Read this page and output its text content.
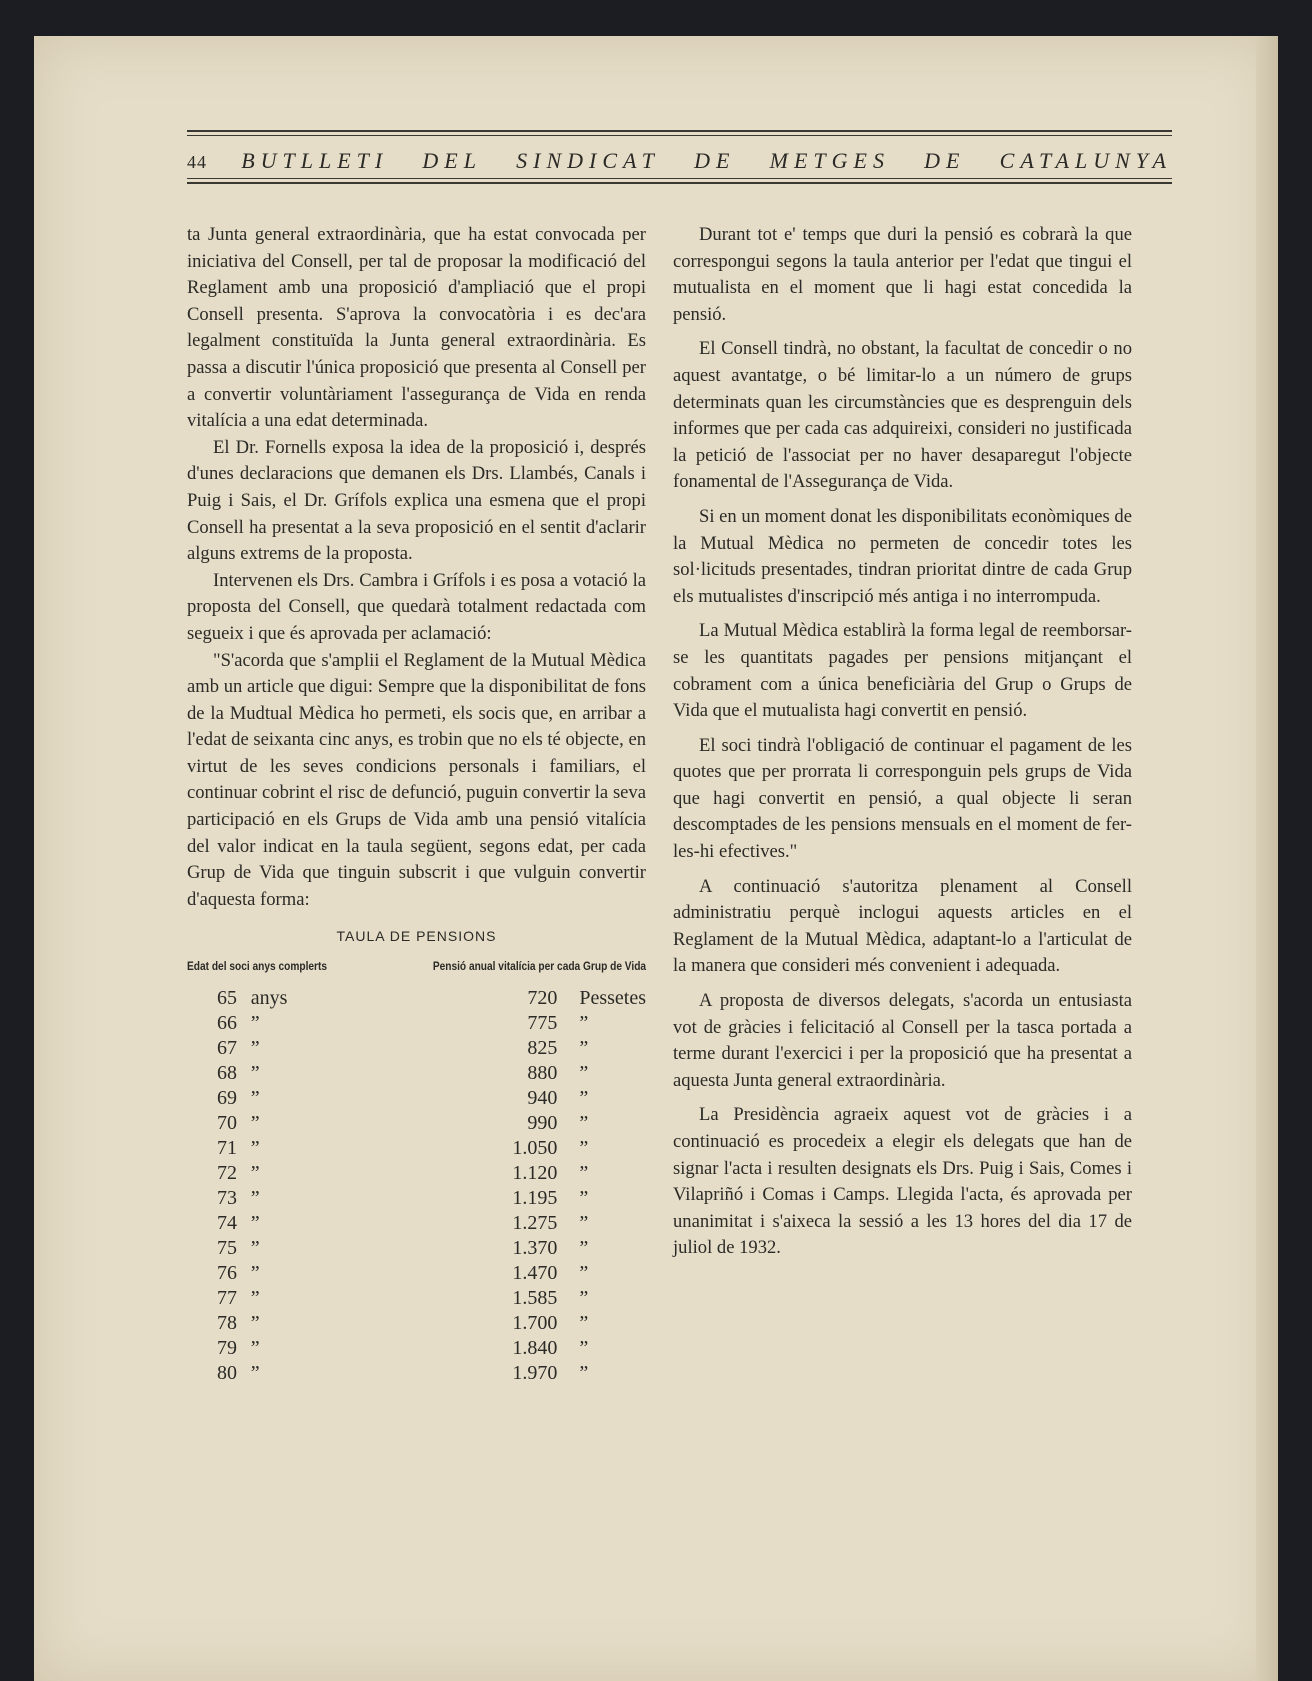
44 BUTLLETI DEL SINDICAT DE METGES DE CATALUNYA

ta Junta general extraordinària, que ha estat convocada per iniciativa del Consell, per tal de proposar la modificació del Reglament amb una proposició d'ampliació que el propi Consell presenta. S'aprova la convocatòria i es dec'ara legalment constituïda la Junta general extraordinària. Es passa a discutir l'única proposició que presenta al Consell per a convertir voluntàriament l'assegurança de Vida en renda vitalícia a una edat determinada.

El Dr. Fornells exposa la idea de la proposició i, després d'unes declaracions que demanen els Drs. Llambés, Canals i Puig i Sais, el Dr. Grífols explica una esmena que el propi Consell ha presentat a la seva proposició en el sentit d'aclarir alguns extrems de la proposta.

Intervenen els Drs. Cambra i Grífols i es posa a votació la proposta del Consell, que quedarà totalment redactada com segueix i que és aprovada per aclamació:

"S'acorda que s'amplii el Reglament de la Mutual Mèdica amb un article que digui: Sempre que la disponibilitat de fons de la Mudtual Mèdica ho permeti, els socis que, en arribar a l'edat de seixanta cinc anys, es trobin que no els té objecte, en virtut de les seves condicions personals i familiars, el continuar cobrint el risc de defunció, puguin convertir la seva participació en els Grups de Vida amb una pensió vitalícia del valor indicat en la taula següent, segons edat, per cada Grup de Vida que tinguin subscrit i que vulguin convertir d'aquesta forma:

TAULA DE PENSIONS
Edat del soci anys complerts	Pensió anual vitalícia per cada Grup de Vida
65	anys	720	Pessetes
66	”	775	”
67	”	825	”
68	”	880	”
69	”	940	”
70	”	990	”
71	”	1.050	”
72	”	1.120	”
73	”	1.195	”
74	”	1.275	”
75	”	1.370	”
76	”	1.470	”
77	”	1.585	”
78	”	1.700	”
79	”	1.840	”
80	”	1.970	”

Durant tot e' temps que duri la pensió es cobrarà la que correspongui segons la taula anterior per l'edat que tingui el mutualista en el moment que li hagi estat concedida la pensió.

El Consell tindrà, no obstant, la facultat de concedir o no aquest avantatge, o bé limitar-lo a un número de grups determinats quan les circumstàncies que es desprenguin dels informes que per cada cas adquireixi, consideri no justificada la petició de l'associat per no haver desaparegut l'objecte fonamental de l'Assegurança de Vida.

Si en un moment donat les disponibilitats econòmiques de la Mutual Mèdica no permeten de concedir totes les sol·licituds presentades, tindran prioritat dintre de cada Grup els mutualistes d'inscripció més antiga i no interrompuda.

La Mutual Mèdica establirà la forma legal de reemborsar-se les quantitats pagades per pensions mitjançant el cobrament com a única beneficiària del Grup o Grups de Vida que el mutualista hagi convertit en pensió.

El soci tindrà l'obligació de continuar el pagament de les quotes que per prorrata li corresponguin pels grups de Vida que hagi convertit en pensió, a qual objecte li seran descomptades de les pensions mensuals en el moment de fer-les-hi efectives."

A continuació s'autoritza plenament al Consell administratiu perquè inclogui aquests articles en el Reglament de la Mutual Mèdica, adaptant-lo a l'articulat de la manera que consideri més convenient i adequada.

A proposta de diversos delegats, s'acorda un entusiasta vot de gràcies i felicitació al Consell per la tasca portada a terme durant l'exercici i per la proposició que ha presentat a aquesta Junta general extraordinària.

La Presidència agraeix aquest vot de gràcies i a continuació es procedeix a elegir els delegats que han de signar l'acta i resulten designats els Drs. Puig i Sais, Comes i Vilapriñó i Comas i Camps. Llegida l'acta, és aprovada per unanimitat i s'aixeca la sessió a les 13 hores del dia 17 de juliol de 1932.
